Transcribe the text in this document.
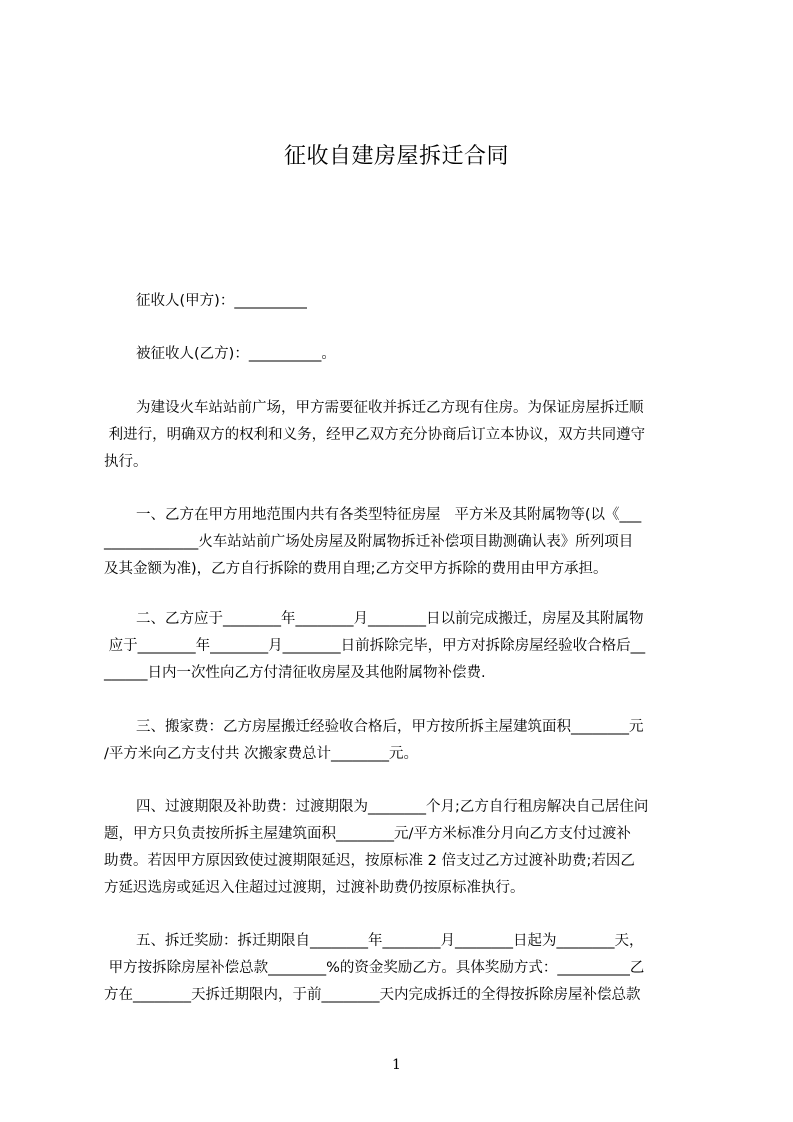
征收自建房屋拆迁合同

征收人(甲方)：__________

被征收人(乙方)：__________。

为建设火车站站前广场，甲方需要征收并拆迁乙方现有住房。为保证房屋拆迁顺
利进行，明确双方的权利和义务，经甲乙双方充分协商后订立本协议，双方共同遵守
执行。

一、乙方在甲方用地范围内共有各类型特征房屋   平方米及其附属物等(以《___
_____________火车站站前广场处房屋及附属物拆迁补偿项目勘测确认表》所列项目
及其金额为准)，乙方自行拆除的费用自理;乙方交甲方拆除的费用由甲方承担。

二、乙方应于________年________月________日以前完成搬迁，房屋及其附属物
应于________年________月________日前拆除完毕，甲方对拆除房屋经验收合格后__
______日内一次性向乙方付清征收房屋及其他附属物补偿费.

三、搬家费：乙方房屋搬迁经验收合格后，甲方按所拆主屋建筑面积________元
/平方米向乙方支付共 次搬家费总计________元。

四、过渡期限及补助费：过渡期限为________个月;乙方自行租房解决自己居住问
题，甲方只负责按所拆主屋建筑面积________元/平方米标准分月向乙方支付过渡补
助费。若因甲方原因致使过渡期限延迟，按原标准 2 倍支过乙方过渡补助费;若因乙
方延迟选房或延迟入住超过过渡期，过渡补助费仍按原标准执行。

五、拆迁奖励：拆迁期限自________年________月________日起为________天，
甲方按拆除房屋补偿总款________%的资金奖励乙方。具体奖励方式：__________乙
方在________天拆迁期限内，于前________天内完成拆迁的全得按拆除房屋补偿总款

1
